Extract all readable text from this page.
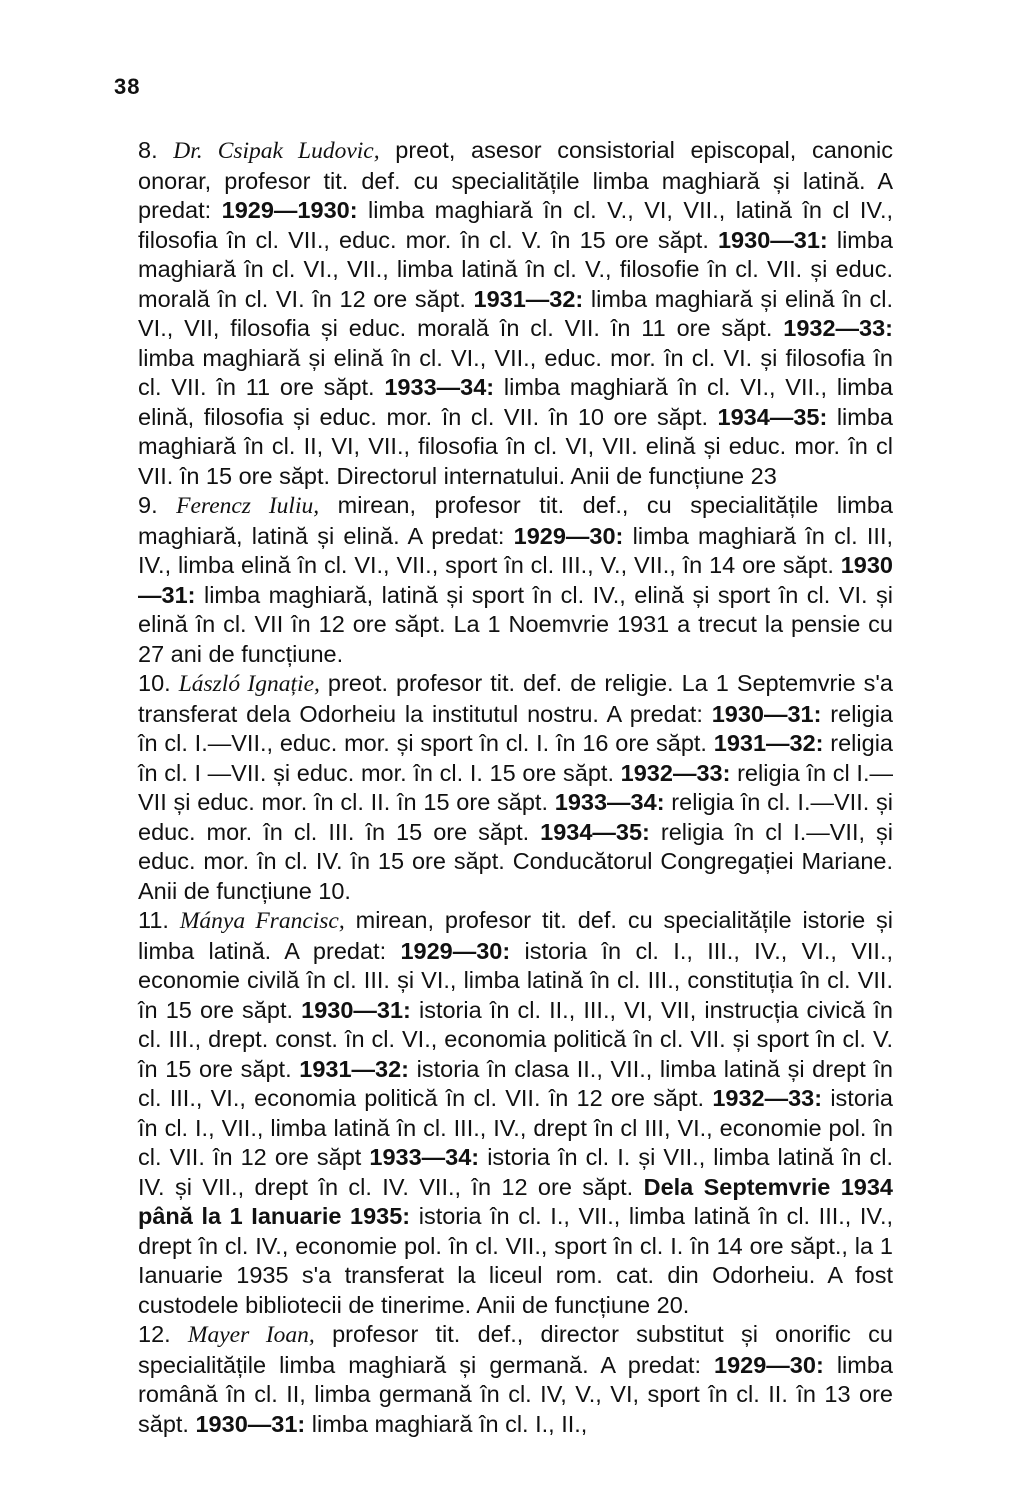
38

8. Dr. Csipak Ludovic, preot, asesor consistorial episcopal, canonic onorar, profesor tit. def. cu specialitățile limba maghiară și latină. A predat: 1929—1930: limba maghiară în cl. V., VI, VII., latină în cl IV., filosofia în cl. VII., educ. mor. în cl. V. în 15 ore săpt. 1930—31: limba maghiară în cl. VI., VII., limba latină în cl. V., filosofie în cl. VII. și educ. morală în cl. VI. în 12 ore săpt. 1931—32: limba maghiară și elină în cl. VI., VII, filosofia și educ. morală în cl. VII. în 11 ore săpt. 1932—33: limba maghiară și elină în cl. VI., VII., educ. mor. în cl. VI. și filosofia în cl. VII. în 11 ore săpt. 1933—34: limba maghiară în cl. VI., VII., limba elină, filosofia și educ. mor. în cl. VII. în 10 ore săpt. 1934—35: limba maghiară în cl. II, VI, VII., filosofia în cl. VI, VII. elină și educ. mor. în cl VII. în 15 ore săpt. Directorul internatului. Anii de funcțiune 23

9. Ferencz Iuliu, mirean, profesor tit. def., cu specialitățile limba maghiară, latină și elină. A predat: 1929—30: limba maghiară în cl. III, IV., limba elină în cl. VI., VII., sport în cl. III., V., VII., în 14 ore săpt. 1930—31: limba maghiară, latină și sport în cl. IV., elină și sport în cl. VI. și elină în cl. VII în 12 ore săpt. La 1 Noemvrie 1931 a trecut la pensie cu 27 ani de funcțiune.

10. László Ignație, preot. profesor tit. def. de religie. La 1 Septemvrie s'a transferat dela Odorheiu la institutul nostru. A predat: 1930—31: religia în cl. I.—VII., educ. mor. și sport în cl. I. în 16 ore săpt. 1931—32: religia în cl. I —VII. și educ. mor. în cl. I. 15 ore săpt. 1932—33: religia în cl I.—VII și educ. mor. în cl. II. în 15 ore săpt. 1933—34: religia în cl. I.—VII. și educ. mor. în cl. III. în 15 ore săpt. 1934—35: religia în cl I.—VII, și educ. mor. în cl. IV. în 15 ore săpt. Conducătorul Congregației Mariane. Anii de funcțiune 10.

11. Mánya Francisc, mirean, profesor tit. def. cu specialitățile istorie și limba latină. A predat: 1929—30: istoria în cl. I., III., IV., VI., VII., economie civilă în cl. III. și VI., limba latină în cl. III., constituția în cl. VII. în 15 ore săpt. 1930—31: istoria în cl. II., III., VI, VII, instrucția civică în cl. III., drept. const. în cl. VI., economia politică în cl. VII. și sport în cl. V. în 15 ore săpt. 1931—32: istoria în clasa II., VII., limba latină și drept în cl. III., VI., economia politică în cl. VII. în 12 ore săpt. 1932—33: istoria în cl. I., VII., limba latină în cl. III., IV., drept în cl III, VI., economie pol. în cl. VII. în 12 ore săpt 1933—34: istoria în cl. I. și VII., limba latină în cl. IV. și VII., drept în cl. IV. VII., în 12 ore săpt. Dela Septemvrie 1934 până la 1 Ianuarie 1935: istoria în cl. I., VII., limba latină în cl. III., IV., drept în cl. IV., economie pol. în cl. VII., sport în cl. I. în 14 ore săpt., la 1 Ianuarie 1935 s'a transferat la liceul rom. cat. din Odorheiu. A fost custodele bibliotecii de tinerime. Anii de funcțiune 20.

12. Mayer Ioan, profesor tit. def., director substitut și onorific cu specialitățile limba maghiară și germană. A predat: 1929—30: limba română în cl. II, limba germană în cl. IV, V., VI, sport în cl. II. în 13 ore săpt. 1930—31: limba maghiară în cl. I., II.,
